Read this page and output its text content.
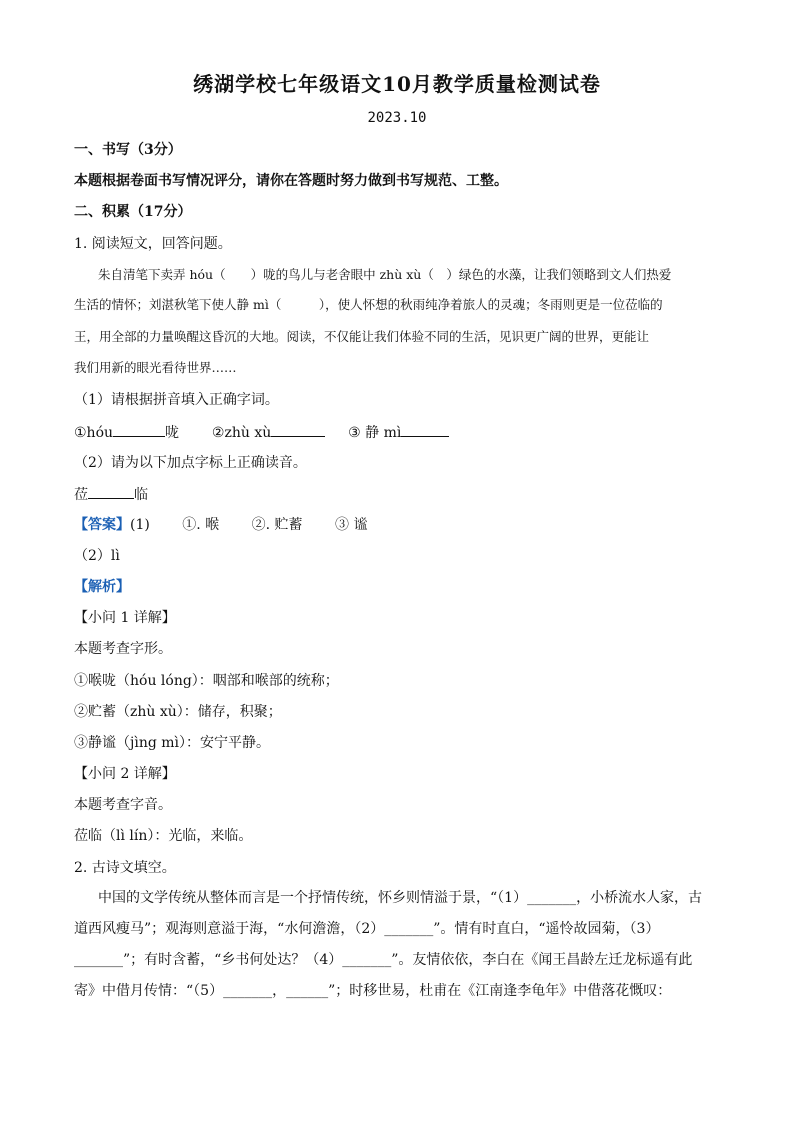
绣湖学校七年级语文10月教学质量检测试卷
2023.10
一、书写（3分）
本题根据卷面书写情况评分，请你在答题时努力做到书写规范、工整。
二、积累（17分）
1. 阅读短文，回答问题。
朱自清笔下卖弄 hóu（　　）咙的鸟儿与老舍眼中 zhù xù（　）绿色的水藻，让我们领略到文人们热爱
生活的情怀；刘湛秋笔下使人静 mì（　　　），使人怀想的秋雨纯净着旅人的灵魂；冬雨则更是一位莅临的
王，用全部的力量唤醒这昏沉的大地。阅读，不仅能让我们体验不同的生活，见识更广阔的世界，更能让
我们用新的眼光看待世界……
（1）请根据拼音填入正确字词。
①hóu	咙 ②zhù xù	③ 静 mì
（2）请为以下加点字标上正确读音。
莅	临
【答案】(1) ①. 喉 ②. 贮蓄 ③ 谧
（2）lì
【解析】
【小问 1 详解】
本题考查字形。
①喉咙（hóu lóng）：咽部和喉部的统称；
②贮蓄（zhù xù）：储存，积聚；
③静谧（jìng mì）：安宁平静。
【小问 2 详解】
本题考查字音。
莅临（lì lín）：光临，来临。
2. 古诗文填空。

中国的文学传统从整体而言是一个抒情传统，怀乡则情溢于景，“（1）_______，小桥流水人家，古

道西风瘦马”；观海则意溢于海，“水何澹澹，（2）_______”。情有时直白，“遥怜故园菊，（3）

_______”；有时含蓄，“乡书何处达？（4）_______”。友情依依，李白在《闻王昌龄左迁龙标遥有此

寄》中借月传情：“（5）_______，______”；时移世易，杜甫在《江南逢李龟年》中借落花慨叹：
